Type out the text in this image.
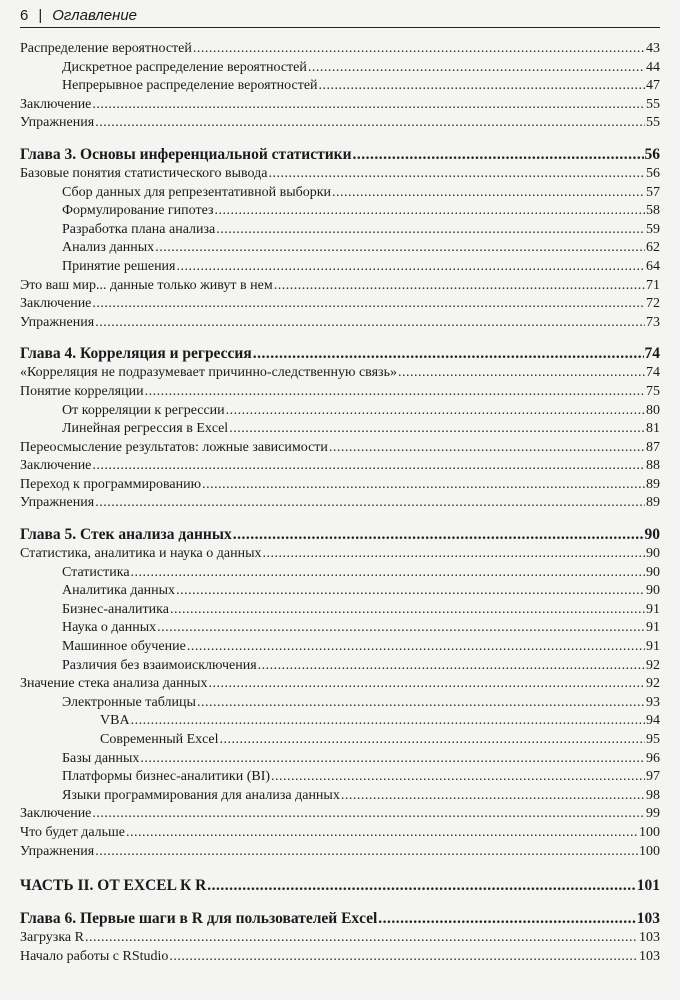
6 | Оглавление
Распределение вероятностей .....	43
Дискретное распределение вероятностей .....	44
Непрерывное распределение вероятностей .....	47
Заключение .....	55
Упражнения .....	55
Глава 3. Основы инференциальной статистики .....	56
Базовые понятия статистического вывода .....	56
Сбор данных для репрезентативной выборки .....	57
Формулирование гипотез .....	58
Разработка плана анализа .....	59
Анализ данных .....	62
Принятие решения .....	64
Это ваш мир... данные только живут в нем .....	71
Заключение .....	72
Упражнения .....	73
Глава 4. Корреляция и регрессия .....	74
«Корреляция не подразумевает причинно-следственную связь» .....	74
Понятие корреляции .....	75
От корреляции к регрессии .....	80
Линейная регрессия в Excel .....	81
Переосмысление результатов: ложные зависимости .....	87
Заключение .....	88
Переход к программированию .....	89
Упражнения .....	89
Глава 5. Стек анализа данных .....	90
Статистика, аналитика и наука о данных .....	90
Статистика .....	90
Аналитика данных .....	90
Бизнес-аналитика .....	91
Наука о данных .....	91
Машинное обучение .....	91
Различия без взаимоисключения .....	92
Значение стека анализа данных .....	92
Электронные таблицы .....	93
VBA .....	94
Современный Excel .....	95
Базы данных .....	96
Платформы бизнес-аналитики (BI) .....	97
Языки программирования для анализа данных .....	98
Заключение .....	99
Что будет дальше .....	100
Упражнения .....	100
ЧАСТЬ II. ОТ EXCEL К R .....	101
Глава 6. Первые шаги в R для пользователей Excel .....	103
Загрузка R .....	103
Начало работы с RStudio .....	103
